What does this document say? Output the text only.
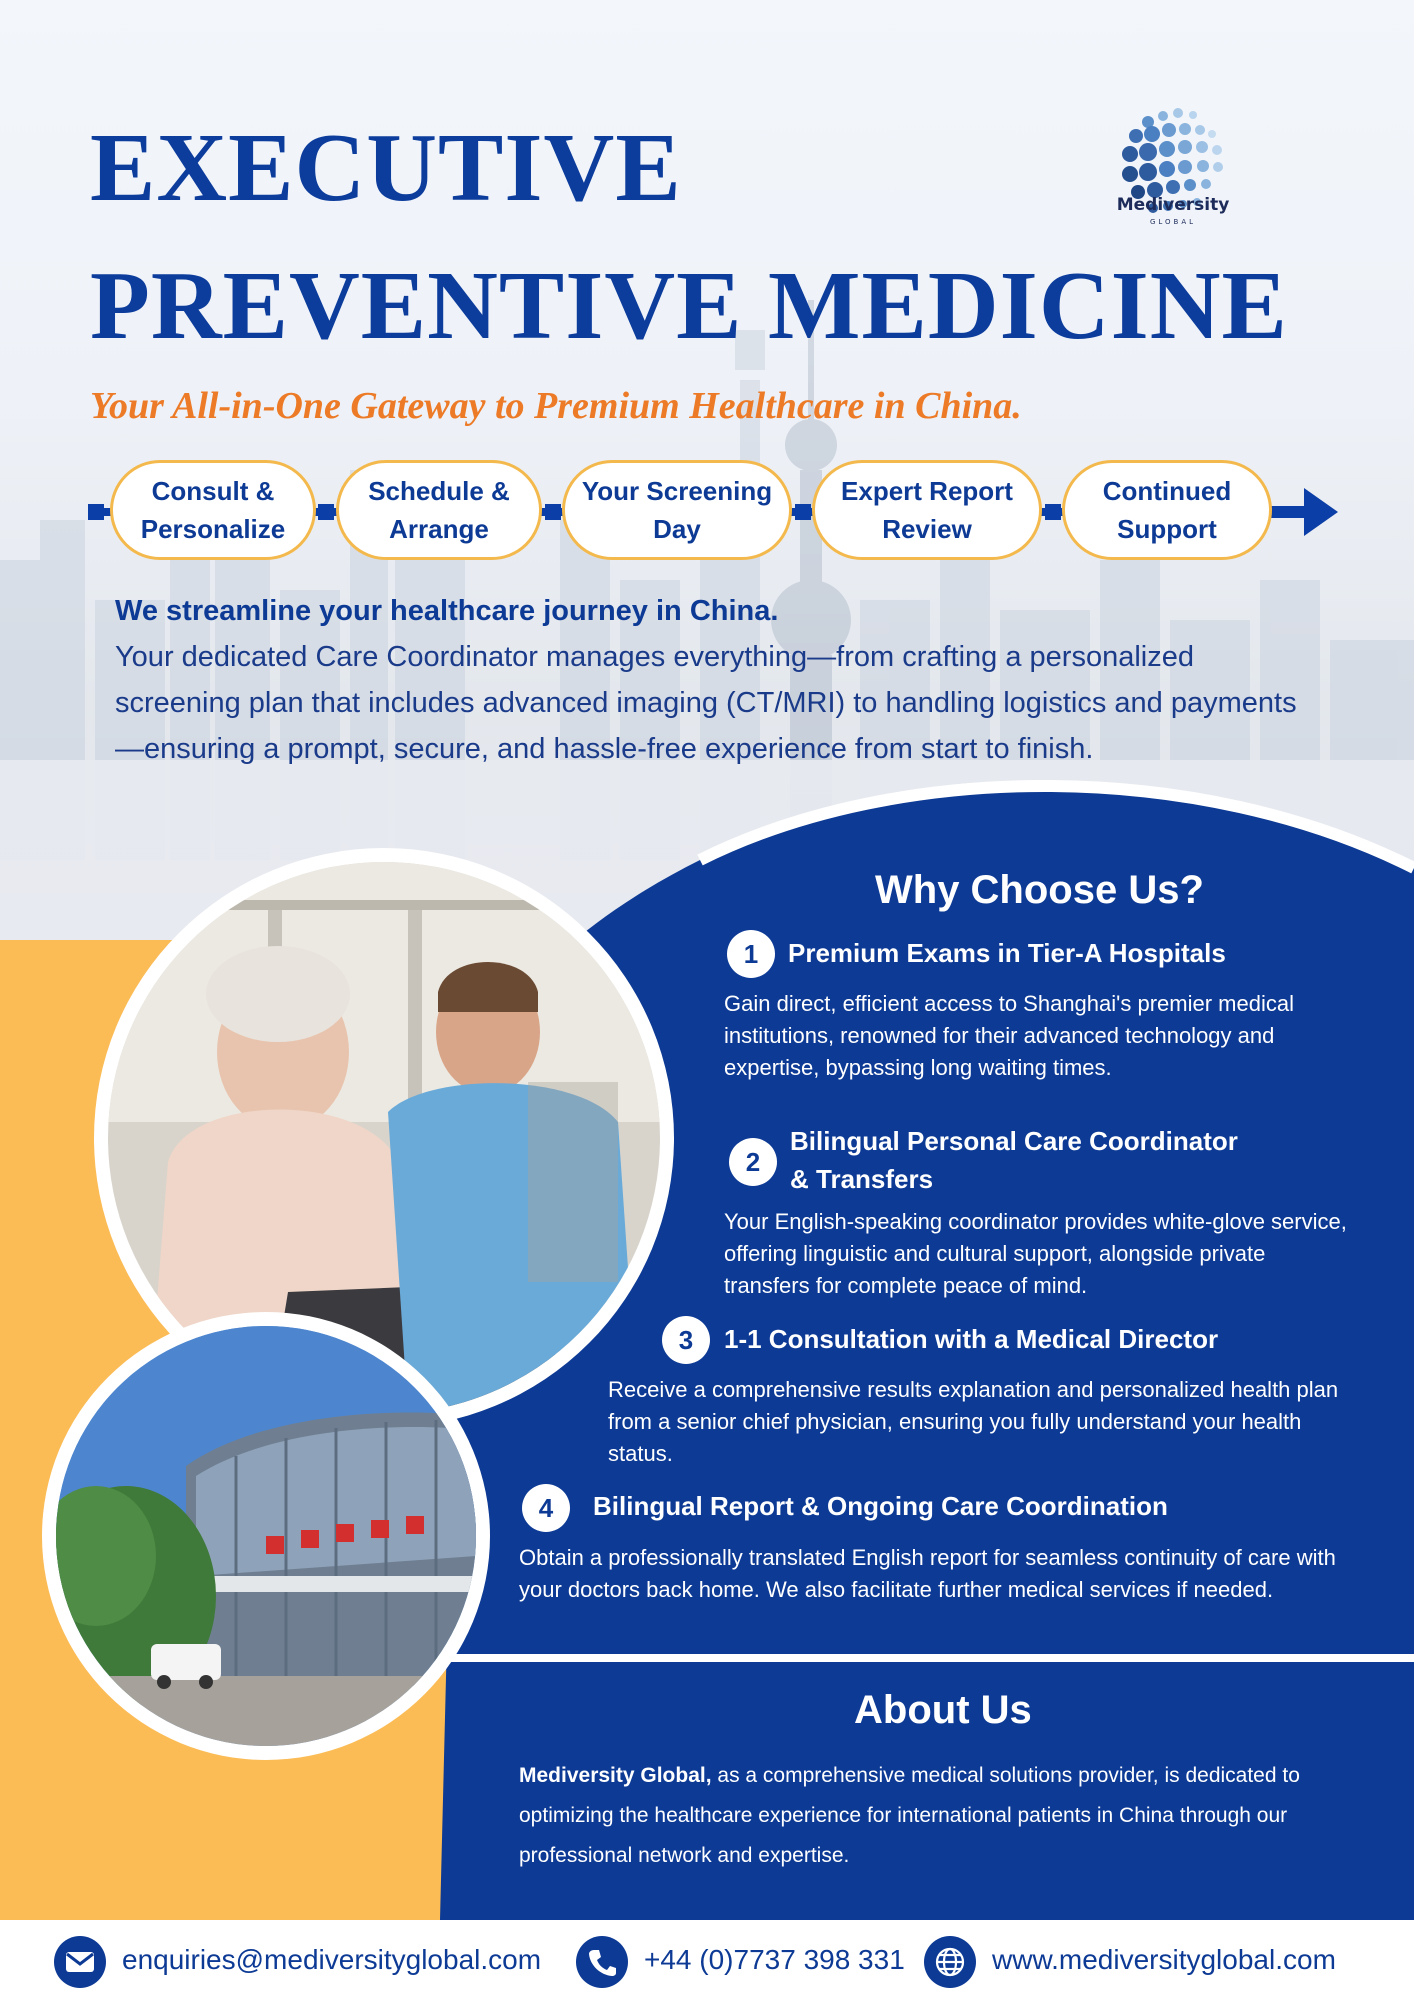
EXECUTIVE
PREVENTIVE MEDICINE
Your All-in-One Gateway to Premium Healthcare in China.
Mediversity
GLOBAL
Consult &
Personalize
Schedule &
Arrange
Your Screening
Day
Expert Report
Review
Continued
Support
We streamline your healthcare journey in China.
Your dedicated Care Coordinator manages everything—from crafting a personalized screening plan that includes advanced imaging (CT/MRI) to handling logistics and payments—ensuring a prompt, secure, and hassle-free experience from start to finish.
Why Choose Us?
1	Premium Exams in Tier-A Hospitals
Gain direct, efficient access to Shanghai's premier medical institutions, renowned for their advanced technology and expertise, bypassing long waiting times.
2
Bilingual Personal Care Coordinator
& Transfers
Your English-speaking coordinator provides white-glove service, offering linguistic and cultural support, alongside private transfers for complete peace of mind.
3	1-1 Consultation with a Medical Director
Receive a comprehensive results explanation and personalized health plan from a senior chief physician, ensuring you fully understand your health status.
4	Bilingual Report & Ongoing Care Coordination
Obtain a professionally translated English report for seamless continuity of care with your doctors back home. We also facilitate further medical services if needed.
About Us
Mediversity Global, as a comprehensive medical solutions provider, is dedicated to optimizing the healthcare experience for international patients in China through our professional network and expertise.
enquiries@mediversityglobal.com	+44 (0)7737 398 331	www.mediversityglobal.com
